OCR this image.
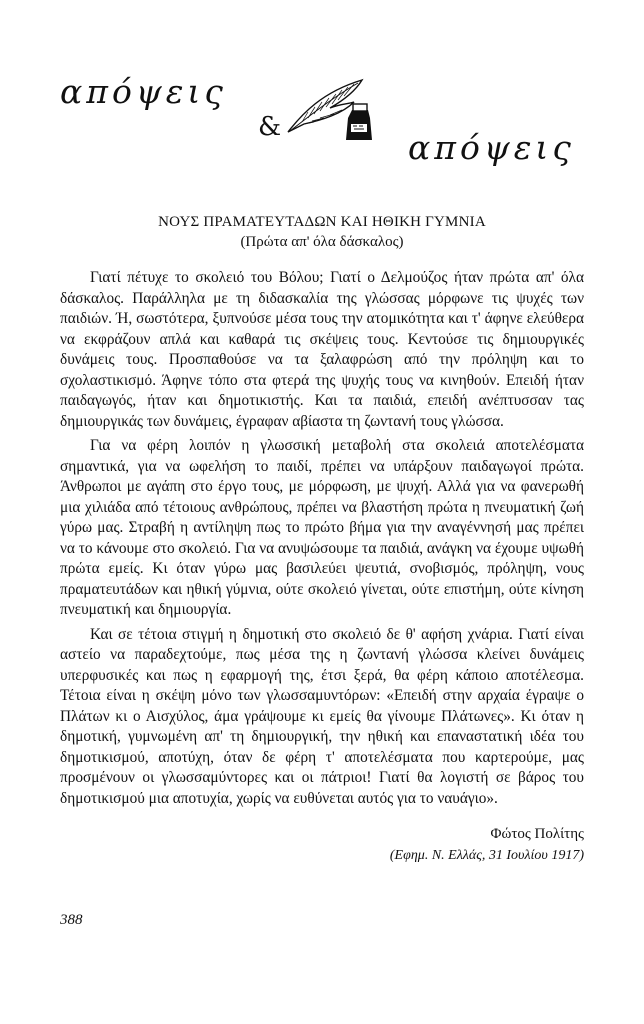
απόψεις
&
απόψεις
ΝΟΥΣ ΠΡΑΜΑΤΕΥΤΑΔΩΝ ΚΑΙ ΗΘΙΚΗ ΓΥΜΝΙΑ
(Πρώτα απ' όλα δάσκαλος)

Γιατί πέτυχε το σκολειό του Βόλου; Γιατί ο Δελμούζος ήταν πρώτα απ' όλα δάσκαλος. Παράλληλα με τη διδασκαλία της γλώσσας μόρφωνε τις ψυχές των παιδιών. Ή, σωστότερα, ξυπνούσε μέσα τους την ατομικότητα και τ' άφηνε ελεύθερα να εκφράζουν απλά και καθαρά τις σκέψεις τους. Κεντούσε τις δημιουργικές δυνάμεις τους. Προσπαθούσε να τα ξαλαφρώση από την πρόληψη και το σχολαστικισμό. Άφηνε τόπο στα φτερά της ψυχής τους να κινηθούν. Επειδή ήταν παιδαγωγός, ήταν και δημοτικιστής. Και τα παιδιά, επειδή ανέπτυσσαν τας δημιουργικάς των δυνάμεις, έγραφαν αβίαστα τη ζωντανή τους γλώσσα.

Για να φέρη λοιπόν η γλωσσική μεταβολή στα σκολειά αποτελέσματα σημαντικά, για να ωφελήση το παιδί, πρέπει να υπάρξουν παιδαγωγοί πρώτα. Άνθρωποι με αγάπη στο έργο τους, με μόρφωση, με ψυχή. Αλλά για να φανερωθή μια χιλιάδα από τέτοιους ανθρώπους, πρέπει να βλαστήση πρώτα η πνευματική ζωή γύρω μας. Στραβή η αντίληψη πως το πρώτο βήμα για την αναγέννησή μας πρέπει να το κάνουμε στο σκολειό. Για να ανυψώσουμε τα παιδιά, ανάγκη να έχουμε υψωθή πρώτα εμείς. Κι όταν γύρω μας βασιλεύει ψευτιά, σνοβισμός, πρόληψη, νους πραματευτάδων και ηθική γύμνια, ούτε σκολειό γίνεται, ούτε επιστήμη, ούτε κίνηση πνευματική και δημιουργία.

Και σε τέτοια στιγμή η δημοτική στο σκολειό δε θ' αφήση χνάρια. Γιατί είναι αστείο να παραδεχτούμε, πως μέσα της η ζωντανή γλώσσα κλείνει δυνάμεις υπερφυσικές και πως η εφαρμογή της, έτσι ξερά, θα φέρη κάποιο αποτέλεσμα. Τέτοια είναι η σκέψη μόνο των γλωσσαμυντόρων: «Επειδή στην αρχαία έγραψε ο Πλάτων κι ο Αισχύλος, άμα γράψουμε κι εμείς θα γίνουμε Πλάτωνες». Κι όταν η δημοτική, γυμνωμένη απ' τη δημιουργική, την ηθική και επαναστατική ιδέα του δημοτικισμού, αποτύχη, όταν δε φέρη τ' αποτελέσματα που καρτερούμε, μας προσμένουν οι γλωσσαμύντορες και οι πάτριοι! Γιατί θα λογιστή σε βάρος του δημοτικισμού μια αποτυχία, χωρίς να ευθύνεται αυτός για το ναυάγιο».

Φώτος Πολίτης
(Εφημ. Ν. Ελλάς, 31 Ιουλίου 1917)
388
